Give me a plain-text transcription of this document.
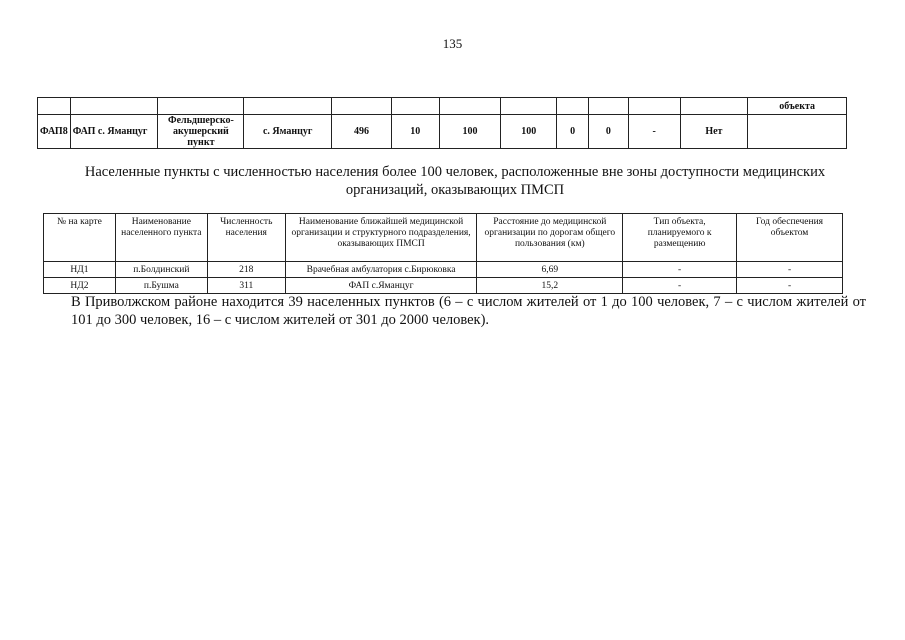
135
												объекта
ФАП8	ФАП с. Яманцуг	Фельдшерско-акушерский пункт	с. Яманцуг	496	10	100	100	0	0	-	Нет	
Населенные пункты с численностью населения более 100 человек, расположенные вне зоны доступности медицинских организаций, оказывающих ПМСП
№ на карте	Наименование населенного пункта	Численность населения	Наименование ближайшей медицинской организации и структурного подразделения, оказывающих ПМСП	Расстояние до медицинской организации по дорогам общего пользования (км)	Тип объекта, планируемого к размещению	Год обеспечения объектом
НД1	п.Болдинский	218	Врачебная амбулатория с.Бирюковка	6,69	-	-
НД2	п.Бушма	311	ФАП с.Яманцуг	15,2	-	-
В Приволжском районе находится 39 населенных пунктов (6 – с числом жителей от 1 до 100 человек, 7 – с числом жителей от 101 до 300 человек, 16 – с числом жителей от 301 до 2000 человек).
